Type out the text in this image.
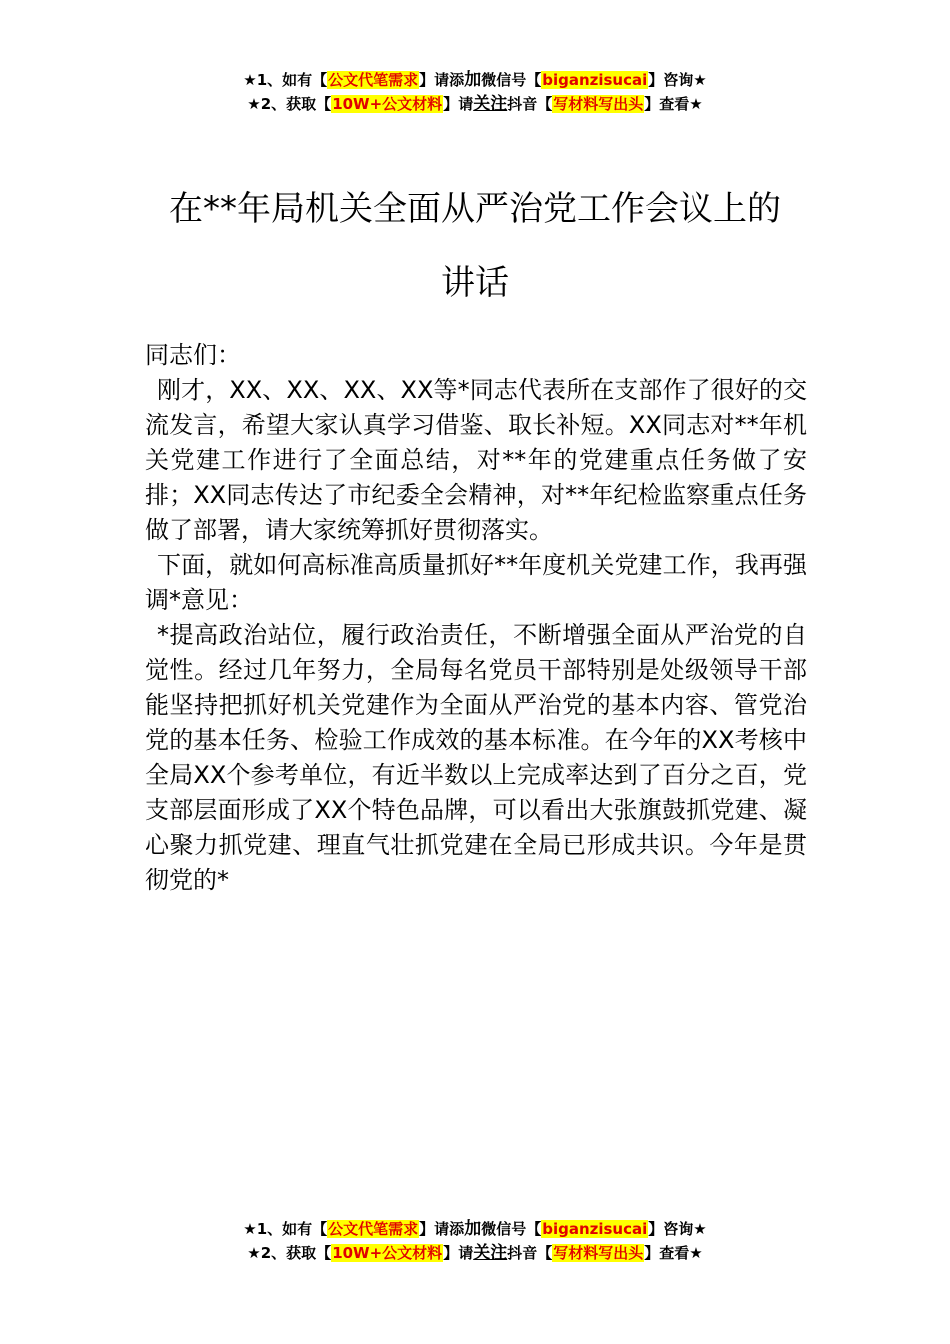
★1、如有【公文代笔需求】请添加微信号【biganzisucai】咨询★
★2、获取【10W+公文材料】请关注抖音【写材料写出头】查看★
在**年局机关全面从严治党工作会议上的
讲话

同志们：

刚才，XX、XX、XX、XX等*同志代表所在支部作了很好的交流发言，希望大家认真学习借鉴、取长补短。XX同志对**年机关党建工作进行了全面总结，对**年的党建重点任务做了安排；XX同志传达了市纪委全会精神，对**年纪检监察重点任务做了部署，请大家统筹抓好贯彻落实。

下面，就如何高标准高质量抓好**年度机关党建工作，我再强调*意见：

*提高政治站位，履行政治责任，不断增强全面从严治党的自觉性。经过几年努力，全局每名党员干部特别是处级领导干部能坚持把抓好机关党建作为全面从严治党的基本内容、管党治党的基本任务、检验工作成效的基本标准。在今年的XX考核中全局XX个参考单位，有近半数以上完成率达到了百分之百，党支部层面形成了XX个特色品牌，可以看出大张旗鼓抓党建、凝心聚力抓党建、理直气壮抓党建在全局已形成共识。今年是贯彻党的*

★1、如有【公文代笔需求】请添加微信号【biganzisucai】咨询★
★2、获取【10W+公文材料】请关注抖音【写材料写出头】查看★
